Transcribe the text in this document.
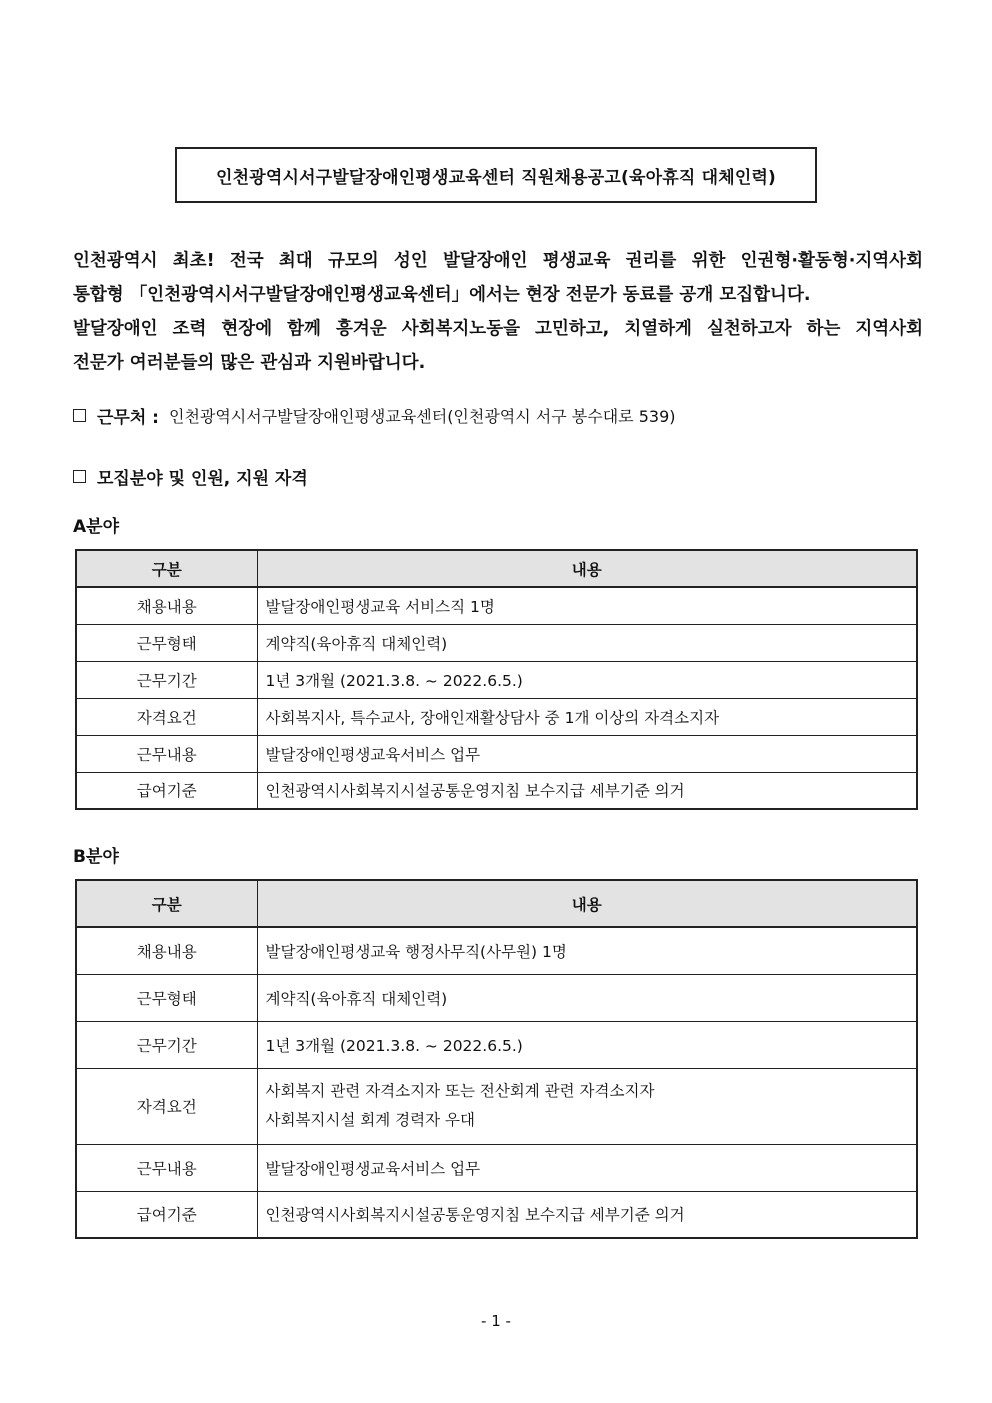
인천광역시서구발달장애인평생교육센터 직원채용공고(육아휴직 대체인력)

인천광역시 최초! 전국 최대 규모의 성인 발달장애인 평생교육 권리를 위한 인권형·활동형·지역사회

통합형 「인천광역시서구발달장애인평생교육센터」에서는 현장 전문가 동료를 공개 모집합니다.

발달장애인 조력 현장에 함께 흥겨운 사회복지노동을 고민하고, 치열하게 실천하고자 하는 지역사회

전문가 여러분들의 많은 관심과 지원바랍니다.

근무처 : 인천광역시서구발달장애인평생교육센터(인천광역시 서구 봉수대로 539)
모집분야 및 인원, 지원 자격
A분야
구분	내용
채용내용	발달장애인평생교육 서비스직 1명
근무형태	계약직(육아휴직 대체인력)
근무기간	1년 3개월 (2021.3.8. ~ 2022.6.5.)
자격요건	사회복지사, 특수교사, 장애인재활상담사 중 1개 이상의 자격소지자
근무내용	발달장애인평생교육서비스 업무
급여기준	인천광역시사회복지시설공통운영지침 보수지급 세부기준 의거
B분야
구분	내용
채용내용	발달장애인평생교육 행정사무직(사무원) 1명
근무형태	계약직(육아휴직 대체인력)
근무기간	1년 3개월 (2021.3.8. ~ 2022.6.5.)
자격요건	사회복지 관련 자격소지자 또는 전산회계 관련 자격소지자
사회복지시설 회계 경력자 우대

근무내용	발달장애인평생교육서비스 업무
급여기준	인천광역시사회복지시설공통운영지침 보수지급 세부기준 의거
- 1 -
